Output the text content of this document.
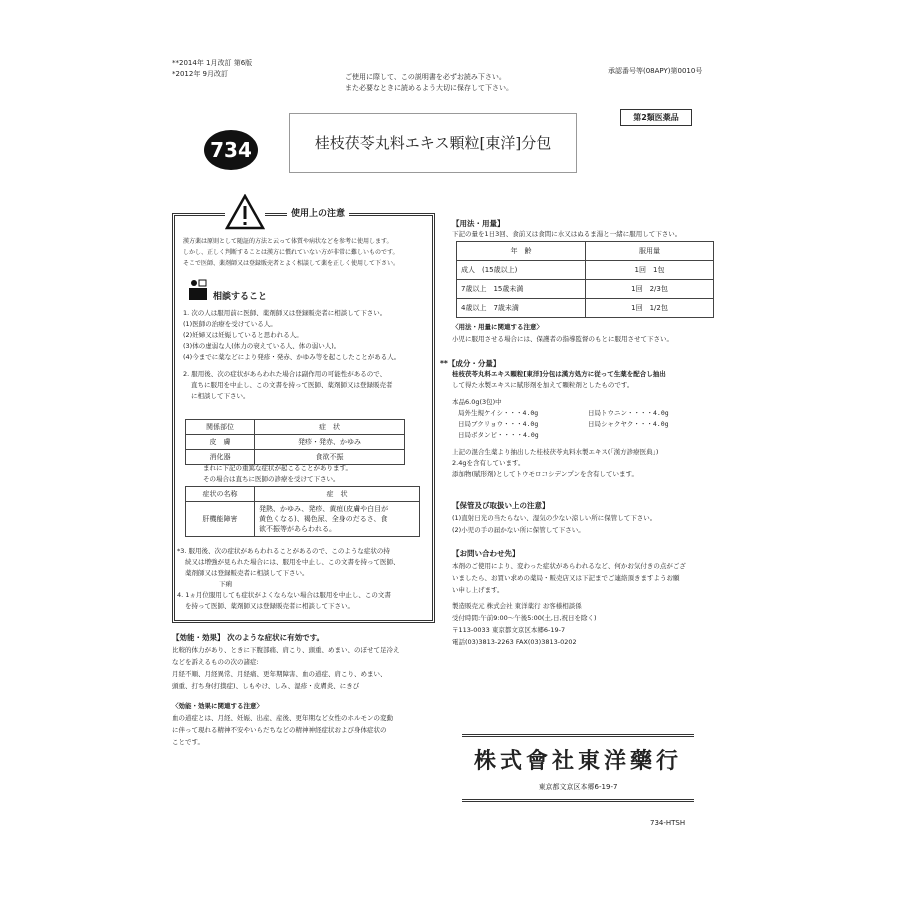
**2014年 1月改訂 第6版
*2012年 9月改訂	ご使用に際して、この説明書を必ずお読み下さい。
また必要なときに読めるよう大切に保存して下さい。
承認番号等(08APY)第0010号
第2類医薬品
734	桂枝茯苓丸料エキス顆粒[東洋]分包
使用上の注意
漢方薬は原則として随証的方法と云って体質や病状などを参考に使用します。
しかし、正しく判断することは漢方に慣れていない方が非常に難しいものです。
そこで医師、薬剤師又は登録販売者とよく相談して薬を正しく使用して下さい。
相談すること
1. 次の人は服用前に医師、薬剤師又は登録販売者に相談して下さい。
(1)医師の治療を受けている人。
(2)妊婦又は妊娠していると思われる人。
(3)体の虚弱な人(体力の衰えている人、体の弱い人)。
(4)今までに薬などにより発疹・発赤、かゆみ等を起こしたことがある人。
2. 服用後、次の症状があらわれた場合は副作用の可能性があるので、
直ちに服用を中止し、この文書を持って医師、薬剤師又は登録販売者
に相談して下さい。
関係部位	症　状
皮　膚	発疹・発赤、かゆみ
消化器	食欲不振
まれに下記の重篤な症状が起こることがあります。
その場合は直ちに医師の診療を受けて下さい。
症状の名称	症　状
肝機能障害	発熱、かゆみ、発疹、黄疸(皮膚や白目が
黄色くなる)、褐色尿、全身のだるさ、食
欲不振等があらわれる。
*3. 服用後、次の症状があらわれることがあるので、このような症状の持
続又は増強が見られた場合には、服用を中止し、この文書を持って医師、
薬剤師又は登録販売者に相談して下さい。
下痢
4. 1ヵ月位服用しても症状がよくならない場合は服用を中止し、この文書
を持って医師、薬剤師又は登録販売者に相談して下さい。
【効能・効果】 次のような症状に有効です。
比較的体力があり、ときに下腹部痛、肩こり、頭重、めまい、のぼせて足冷え
などを訴えるものの次の諸症:
月経不順、月経異常、月経痛、更年期障害、血の道症、肩こり、めまい、
頭重、打ち身(打撲症)、しもやけ、しみ、湿疹・皮膚炎、にきび
〈効能・効果に関連する注意〉
血の道症とは、月経、妊娠、出産、産後、更年期など女性のホルモンの変動
に伴って現れる精神不安やいらだちなどの精神神経症状および身体症状の
ことです。
【用法・用量】
下記の量を1日3回、食前又は食間に水又はぬるま湯と一緒に服用して下さい。
年　齢	服用量
成人　(15歳以上)	1回　1包
7歳以上　15歳未満	1回　2/3包
4歳以上　7歳未満	1回　1/2包
〈用法・用量に関連する注意〉
小児に服用させる場合には、保護者の指導監督のもとに服用させて下さい。
**【成分・分量】
桂枝茯苓丸料エキス顆粒[東洋]分包は漢方処方に従って生薬を配合し抽出
して得た水製エキスに賦形剤を加えて顆粒剤としたものです。
本品6.0g(3包)中
局外生規ケイシ・・・4.0g	日局トウニン・・・・4.0g
日局ブクリョウ・・・4.0g	日局シャクヤク・・・4.0g
日局ボタンピ・・・・4.0g
上記の混合生薬より抽出した桂枝茯苓丸料水製エキス(「漢方診療医典」)
2.4gを含有しています。
添加物(賦形剤)としてトウモロコシデンプンを含有しています。
【保管及び取扱い上の注意】
(1)直射日光の当たらない、湿気の少ない涼しい所に保管して下さい。
(2)小児の手の届かない所に保管して下さい。
【お問い合わせ先】
本剤のご使用により、変わった症状があらわれるなど、何かお気付きの点がござ
いましたら、お買い求めの薬局・販売店又は下記までご連絡頂きますようお願
い申し上げます。
製造販売元 株式会社 東洋薬行 お客様相談係
受付時間:午前9:00〜午後5:00(土,日,祝日を除く)
〒113-0033 東京都文京区本郷6-19-7
電話(03)3813-2263 FAX(03)3813-0202
株式會社東洋藥行
東京都文京区本郷6-19-7
734-HTSH
